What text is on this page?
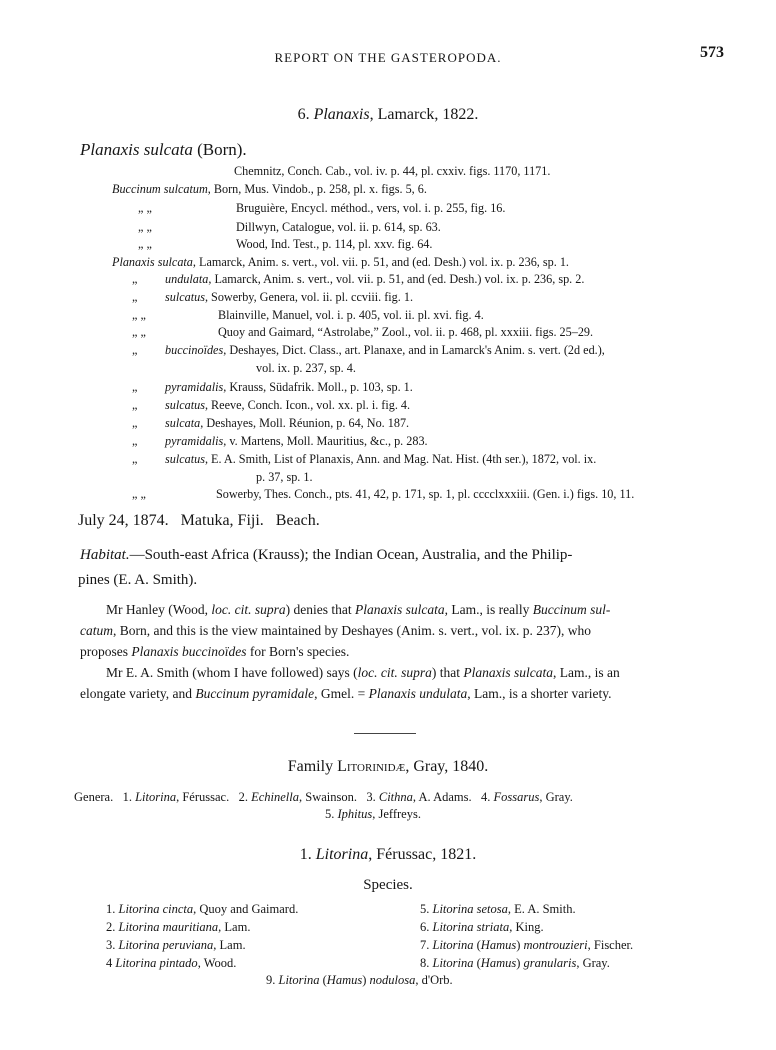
REPORT ON THE GASTEROPODA.	573
6. Planaxis, Lamarck, 1822.
Planaxis sulcata (Born).
Chemnitz, Conch. Cab., vol. iv. p. 44, pl. cxxiv. figs. 1170, 1171.
Buccinum sulcatum, Born, Mus. Vindob., p. 258, pl. x. figs. 5, 6.
„ „	Bruguière, Encycl. méthod., vers, vol. i. p. 255, fig. 16.
„ „	Dillwyn, Catalogue, vol. ii. p. 614, sp. 63.
„ „	Wood, Ind. Test., p. 114, pl. xxv. fig. 64.
Planaxis sulcata, Lamarck, Anim. s. vert., vol. vii. p. 51, and (ed. Desh.) vol. ix. p. 236, sp. 1.
„ undulata, Lamarck, Anim. s. vert., vol. vii. p. 51, and (ed. Desh.) vol. ix. p. 236, sp. 2.
„ sulcatus, Sowerby, Genera, vol. ii. pl. ccviii. fig. 1.
„ „	Blainville, Manuel, vol. i. p. 405, vol. ii. pl. xvi. fig. 4.
„ „	Quoy and Gaimard, “Astrolabe,” Zool., vol. ii. p. 468, pl. xxxiii. figs. 25–29.
„ buccinoïdes, Deshayes, Dict. Class., art. Planaxe, and in Lamarck's Anim. s. vert. (2d ed.),
vol. ix. p. 237, sp. 4.
„ pyramidalis, Krauss, Südafrik. Moll., p. 103, sp. 1.
„ sulcatus, Reeve, Conch. Icon., vol. xx. pl. i. fig. 4.
„ sulcata, Deshayes, Moll. Réunion, p. 64, No. 187.
„ pyramidalis, v. Martens, Moll. Mauritius, &c., p. 283.
„ sulcatus, E. A. Smith, List of Planaxis, Ann. and Mag. Nat. Hist. (4th ser.), 1872, vol. ix.
p. 37, sp. 1.
„ „	Sowerby, Thes. Conch., pts. 41, 42, p. 171, sp. 1, pl. cccclxxxiii. (Gen. i.) figs. 10, 11.
July 24, 1874.   Matuka, Fiji.   Beach.
Habitat.—South-east Africa (Krauss); the Indian Ocean, Australia, and the Philip-
pines (E. A. Smith).
Mr Hanley (Wood, loc. cit. supra) denies that Planaxis sulcata, Lam., is really Buccinum sul-
catum, Born, and this is the view maintained by Deshayes (Anim. s. vert., vol. ix. p. 237), who
proposes Planaxis buccinoïdes for Born's species.
Mr E. A. Smith (whom I have followed) says (loc. cit. supra) that Planaxis sulcata, Lam., is an
elongate variety, and Buccinum pyramidale, Gmel. = Planaxis undulata, Lam., is a shorter variety.
Family Litorinidæ, Gray, 1840.
Genera. 1. Litorina, Férussac. 2. Echinella, Swainson. 3. Cithna, A. Adams. 4. Fossarus, Gray.
5. Iphitus, Jeffreys.
1. Litorina, Férussac, 1821.
Species.
1. Litorina cincta, Quoy and Gaimard.
2. Litorina mauritiana, Lam.
3. Litorina peruviana, Lam.
4 Litorina pintado, Wood.
5. Litorina setosa, E. A. Smith.
6. Litorina striata, King.
7. Litorina (Hamus) montrouzieri, Fischer.
8. Litorina (Hamus) granularis, Gray.
9. Litorina (Hamus) nodulosa, d'Orb.
